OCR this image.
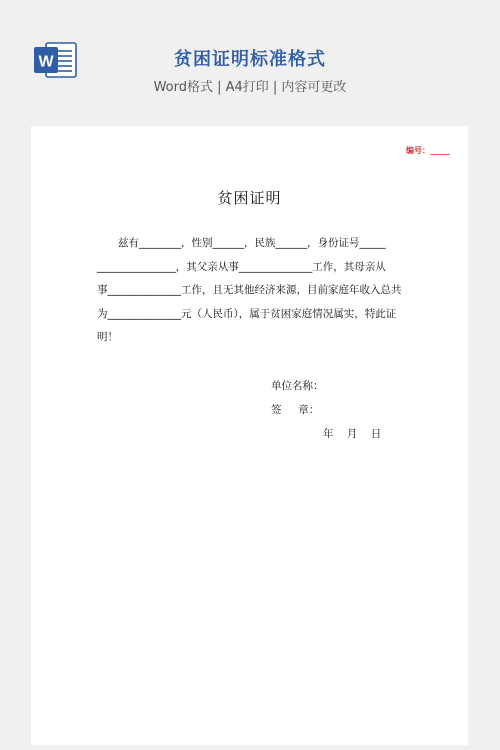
W	贫困证明标准格式
Word格式 | A4打印 | 内容可更改
编号：_____
贫困证明
兹有________，性别______，民族______，身份证号_____
_______________，其父亲从事______________工作，其母亲从
事______________工作，且无其他经济来源，目前家庭年收入总共
为______________元（人民币），属于贫困家庭情况属实，特此证
明！
单位名称：
签     章：
年    月    日
